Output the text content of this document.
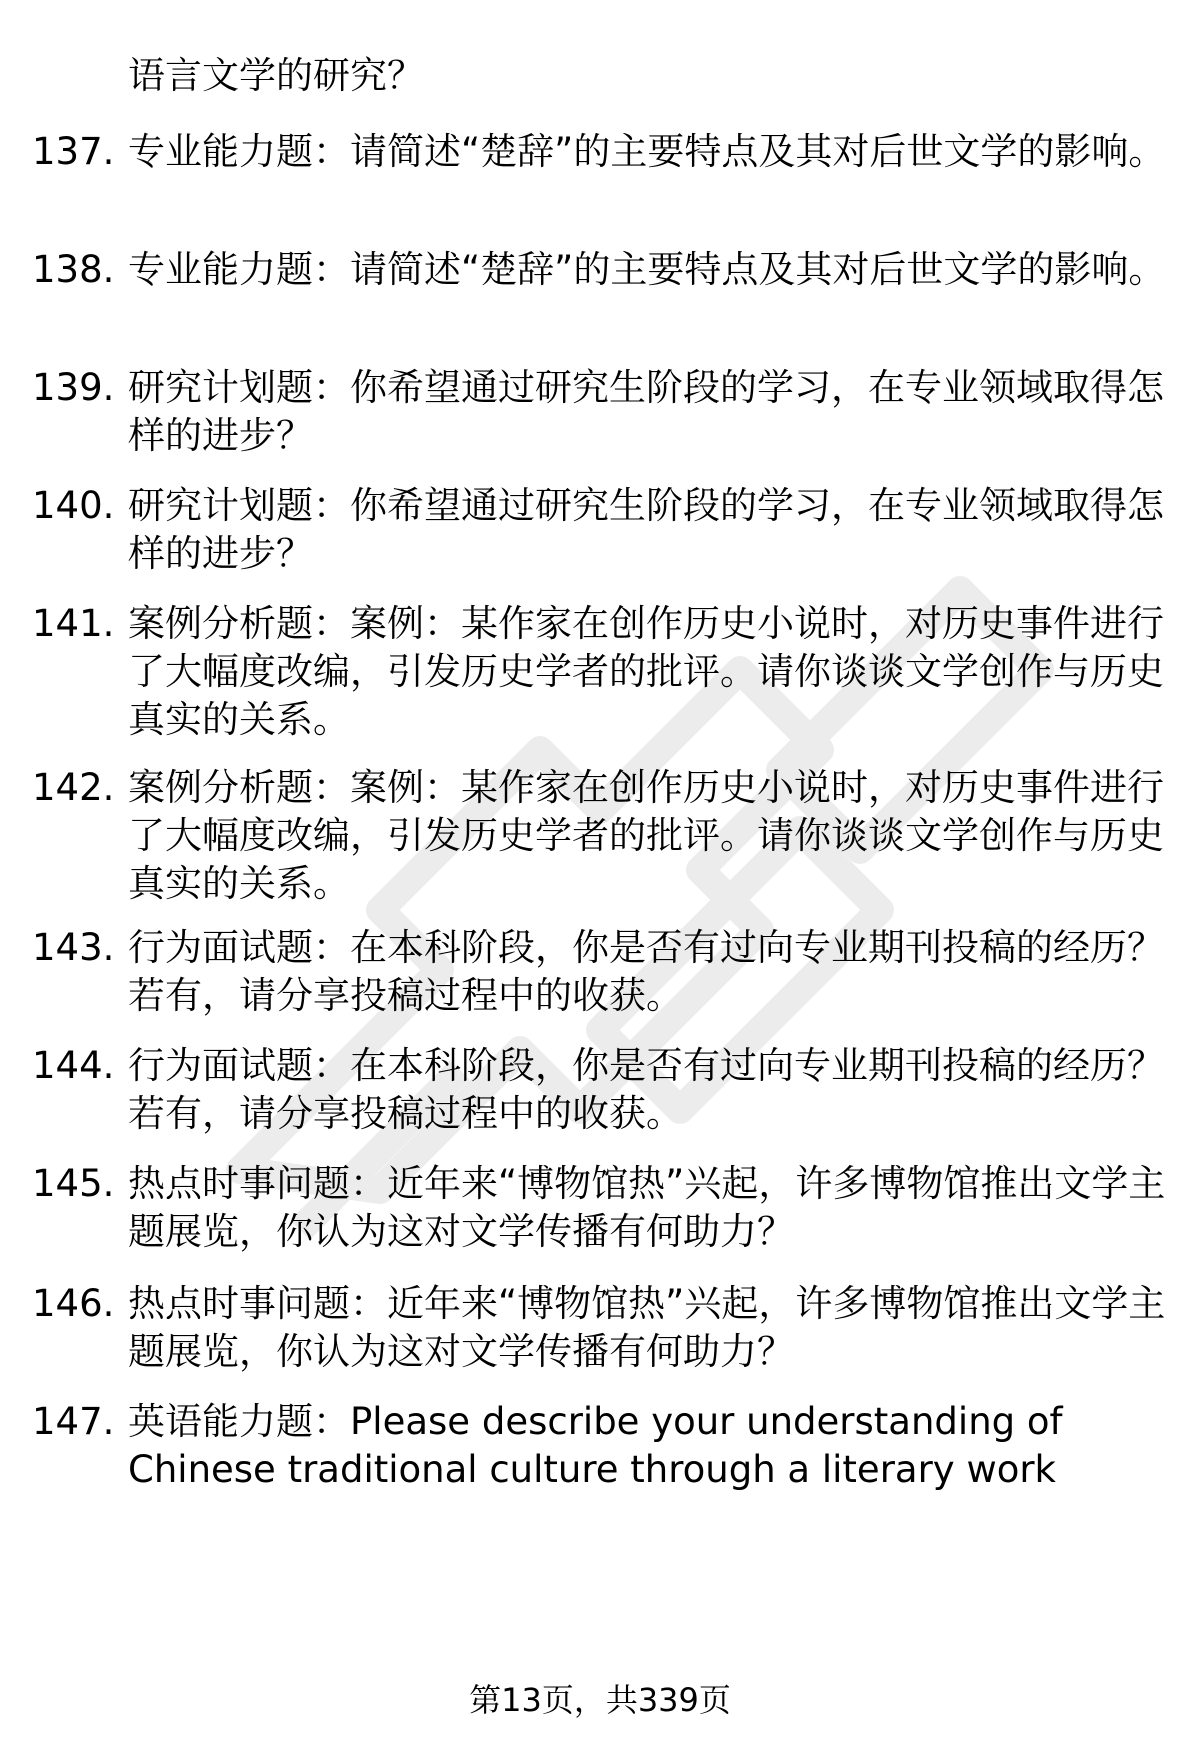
语言文学的研究？
137. 专业能力题：请简述“楚辞”的主要特点及其对后世文学的影响。
138. 专业能力题：请简述“楚辞”的主要特点及其对后世文学的影响。
139. 研究计划题：你希望通过研究生阶段的学习，在专业领域取得怎样的进步？
140. 研究计划题：你希望通过研究生阶段的学习，在专业领域取得怎样的进步？
141. 案例分析题：案例：某作家在创作历史小说时，对历史事件进行了大幅度改编，引发历史学者的批评。请你谈谈文学创作与历史真实的关系。
142. 案例分析题：案例：某作家在创作历史小说时，对历史事件进行了大幅度改编，引发历史学者的批评。请你谈谈文学创作与历史真实的关系。
143. 行为面试题：在本科阶段，你是否有过向专业期刊投稿的经历？若有，请分享投稿过程中的收获。
144. 行为面试题：在本科阶段，你是否有过向专业期刊投稿的经历？若有，请分享投稿过程中的收获。
145. 热点时事问题：近年来“博物馆热”兴起，许多博物馆推出文学主题展览，你认为这对文学传播有何助力？
146. 热点时事问题：近年来“博物馆热”兴起，许多博物馆推出文学主题展览，你认为这对文学传播有何助力？
147. 英语能力题：Please describe your understanding of Chinese traditional culture through a literary work
第13页，共339页
